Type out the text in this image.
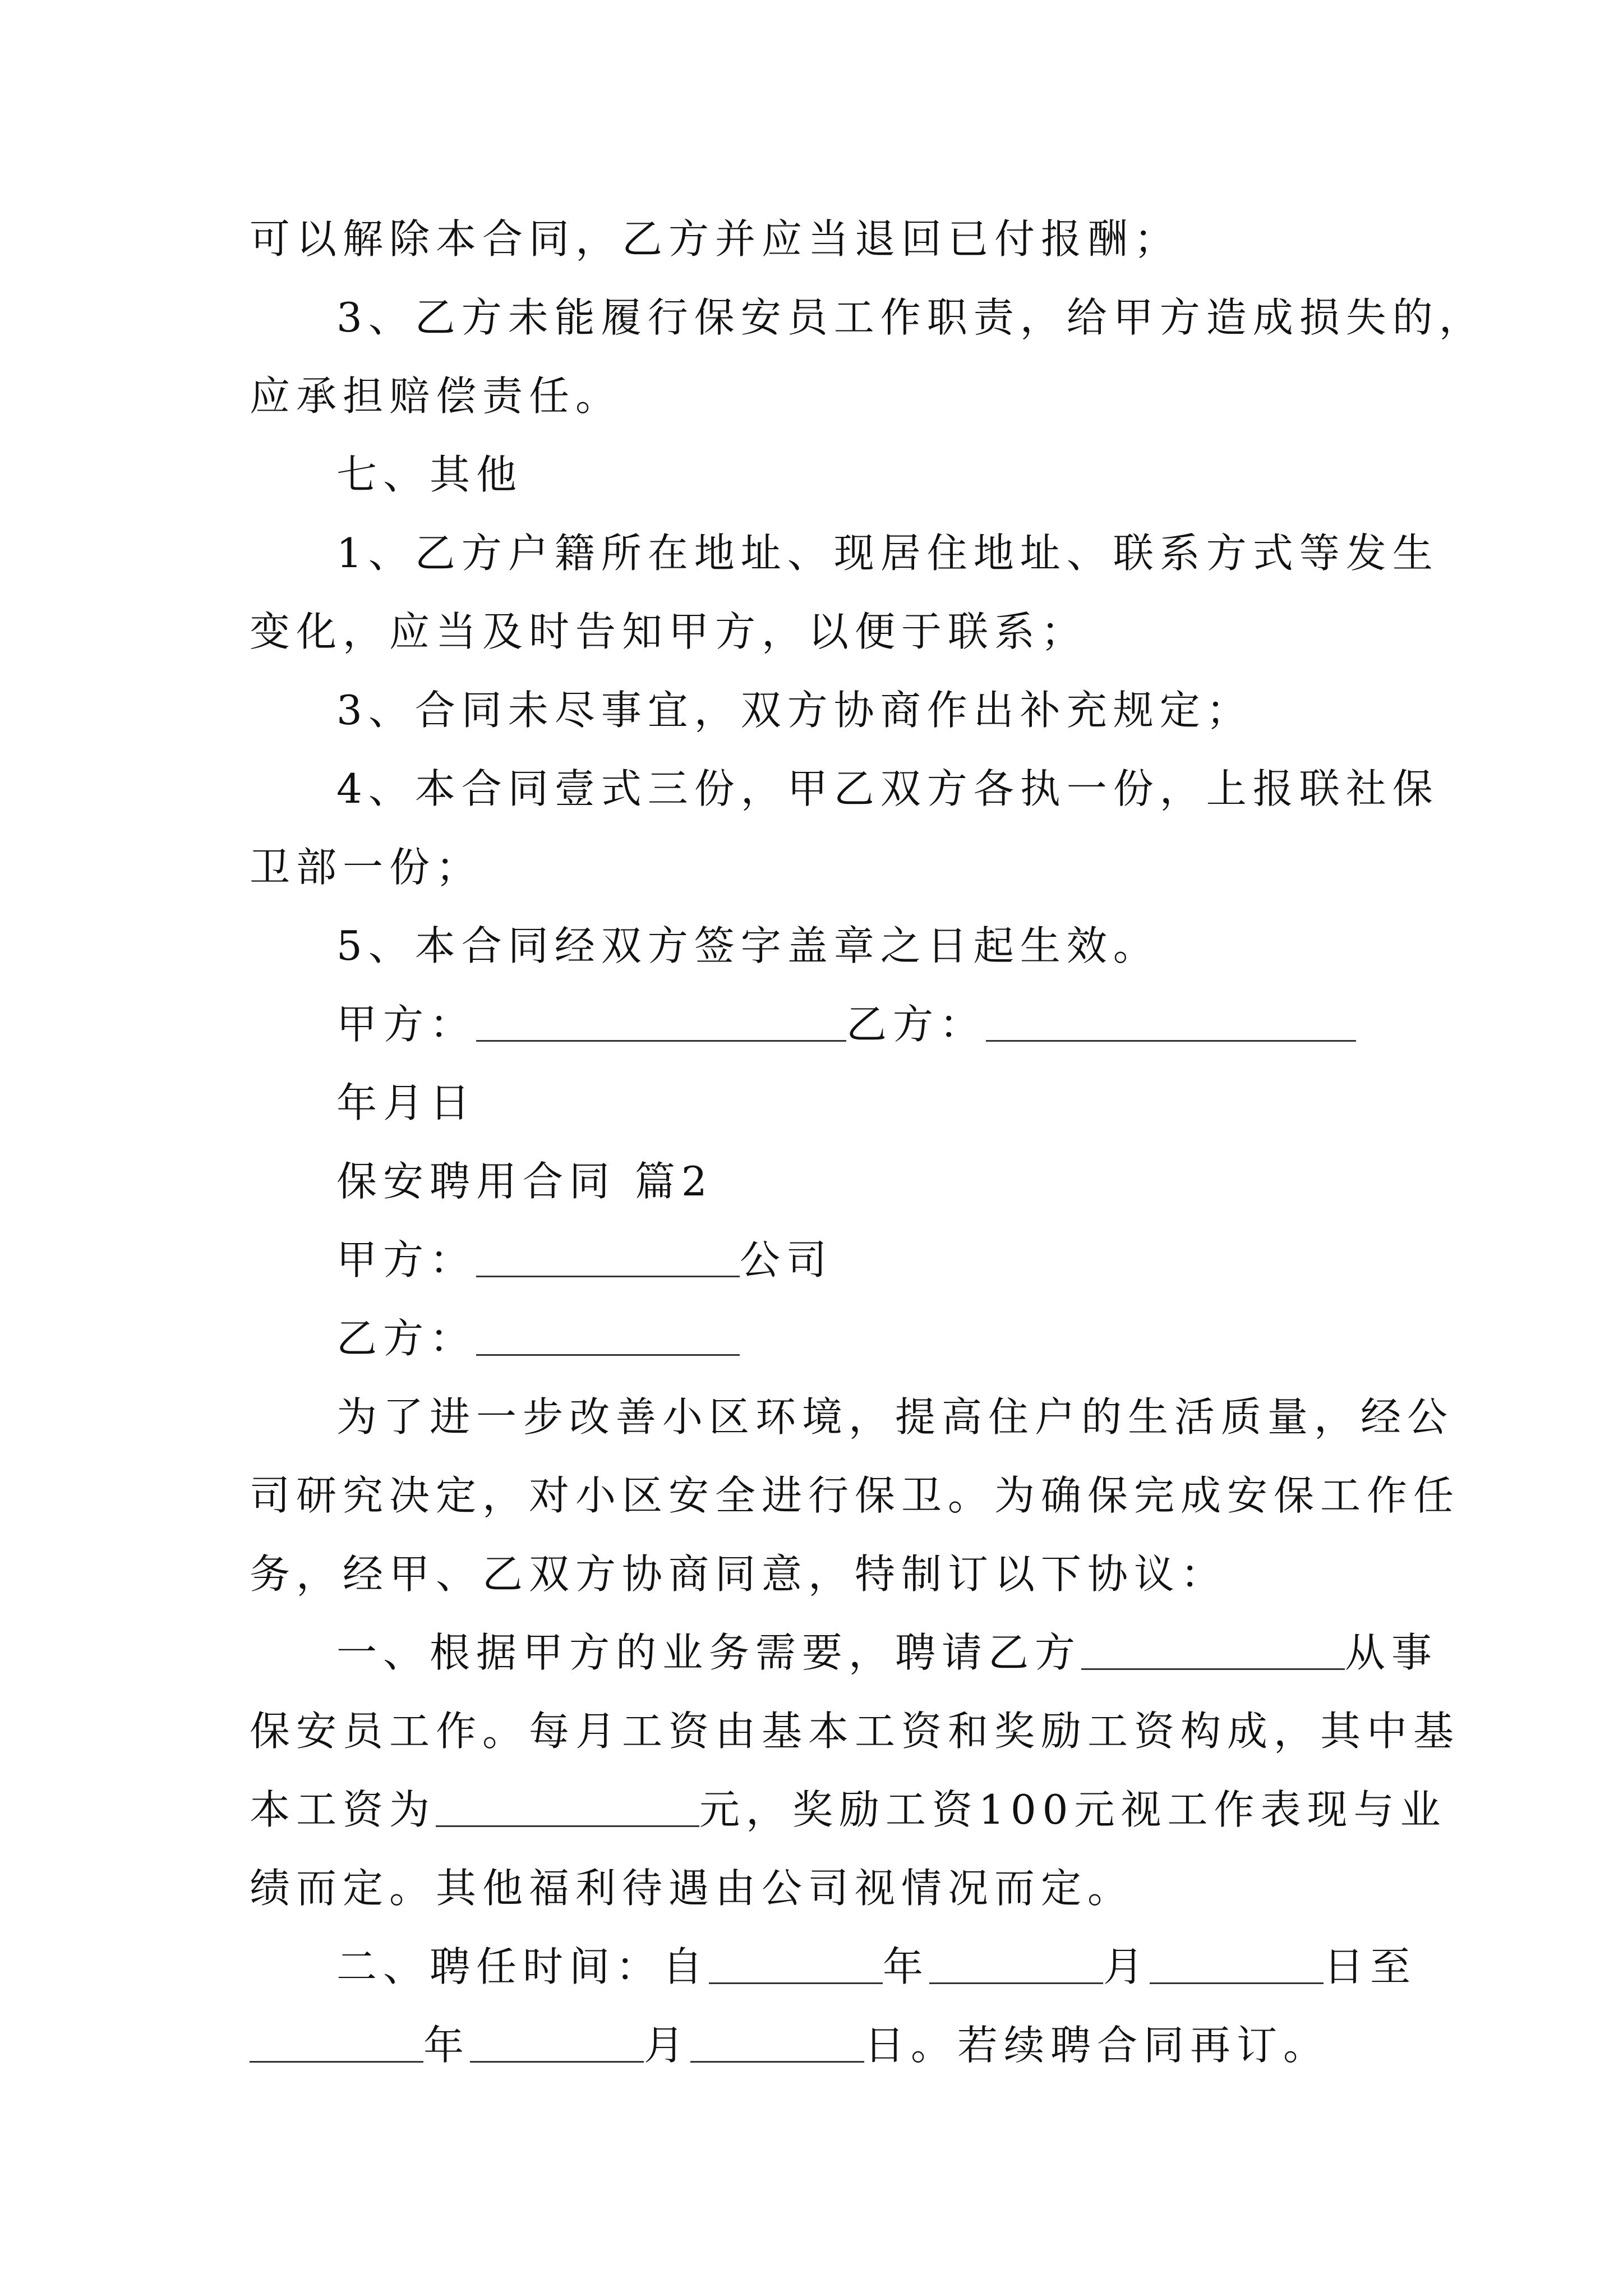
可以解除本合同，乙方并应当退回已付报酬；
3、乙方未能履行保安员工作职责，给甲方造成损失的，
应承担赔偿责任。
七、其他
1、乙方户籍所在地址、现居住地址、联系方式等发生
变化，应当及时告知甲方，以便于联系；
3、合同未尽事宜，双方协商作出补充规定；
4、本合同壹式三份，甲乙双方各执一份，上报联社保
卫部一份；
5、本合同经双方签字盖章之日起生效。
甲方：	乙方：
年月日
保安聘用合同 篇2
甲方：	公司
乙方：
为了进一步改善小区环境，提高住户的生活质量，经公
司研究决定，对小区安全进行保卫。为确保完成安保工作任
务，经甲、乙双方协商同意，特制订以下协议：
一、根据甲方的业务需要，聘请乙方	从事
保安员工作。每月工资由基本工资和奖励工资构成，其中基
本工资为	元，奖励工资100元视工作表现与业
绩而定。其他福利待遇由公司视情况而定。
二、聘任时间：自	年	月	日至
年	月	日。若续聘合同再订。
